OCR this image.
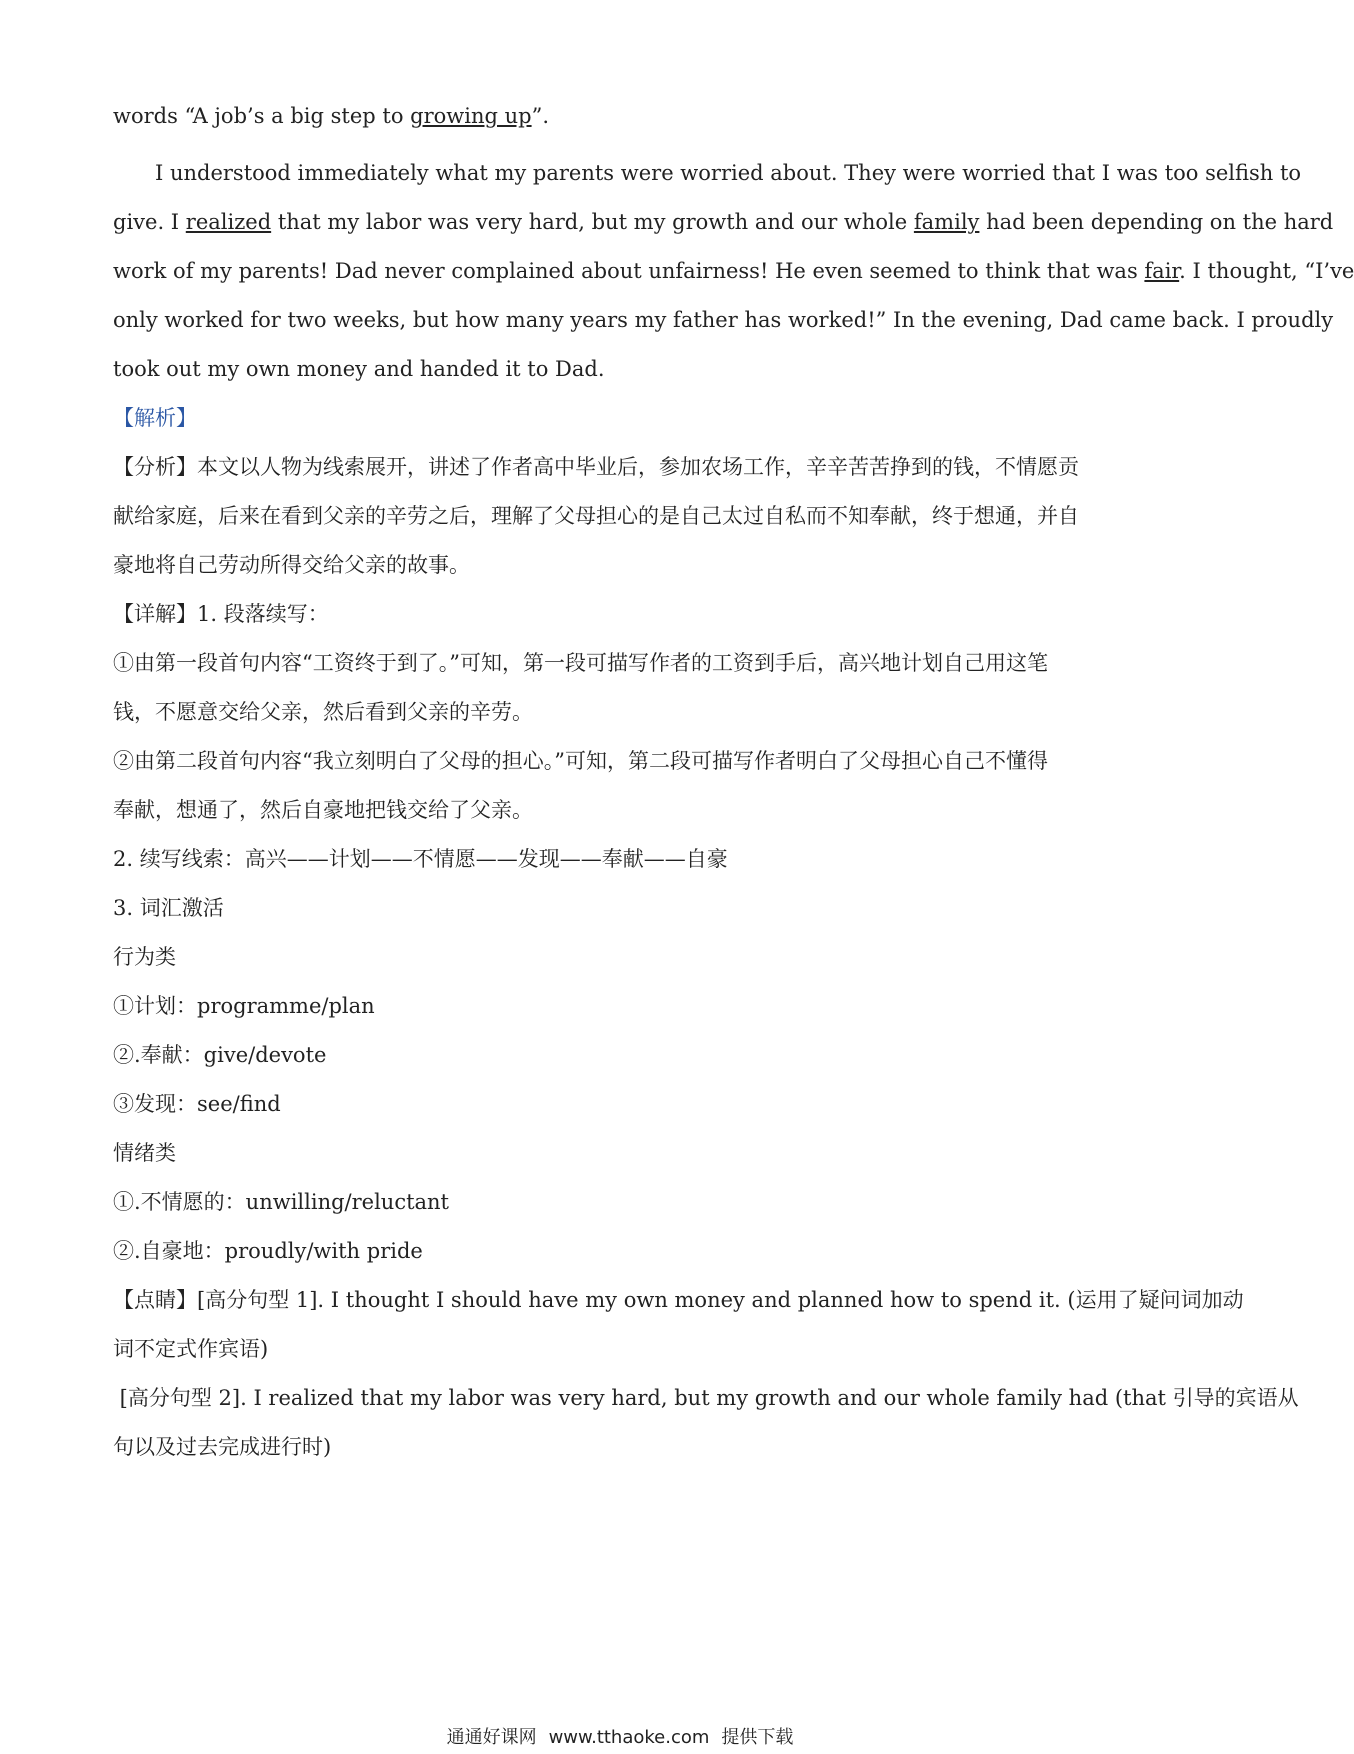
words “A job’s a big step to growing up”.

I understood immediately what my parents were worried about. They were worried that I was too selfish to

give. I realized that my labor was very hard, but my growth and our whole family had been depending on the hard

work of my parents! Dad never complained about unfairness! He even seemed to think that was fair. I thought, “I’ve

only worked for two weeks, but how many years my father has worked!” In the evening, Dad came back. I proudly

took out my own money and handed it to Dad.

【解析】

【分析】本文以人物为线索展开，讲述了作者高中毕业后，参加农场工作，辛辛苦苦挣到的钱，不情愿贡

献给家庭，后来在看到父亲的辛劳之后，理解了父母担心的是自己太过自私而不知奉献，终于想通，并自

豪地将自己劳动所得交给父亲的故事。

【详解】1. 段落续写：

①由第一段首句内容“工资终于到了。”可知，第一段可描写作者的工资到手后，高兴地计划自己用这笔

钱，不愿意交给父亲，然后看到父亲的辛劳。

②由第二段首句内容“我立刻明白了父母的担心。”可知，第二段可描写作者明白了父母担心自己不懂得

奉献，想通了，然后自豪地把钱交给了父亲。

2. 续写线索：高兴——计划——不情愿——发现——奉献——自豪

3. 词汇激活

行为类

①计划：programme/plan

②.奉献：give/devote

③发现：see/find

情绪类

①.不情愿的：unwilling/reluctant

②.自豪地：proudly/with pride

【点睛】[高分句型 1]. I thought I should have my own money and planned how to spend it. (运用了疑问词加动

词不定式作宾语)

[高分句型 2]. I realized that my labor was very hard, but my growth and our whole family had (that 引导的宾语从

句以及过去完成进行时)

通通好课网 www.tthaoke.com 提供下载
